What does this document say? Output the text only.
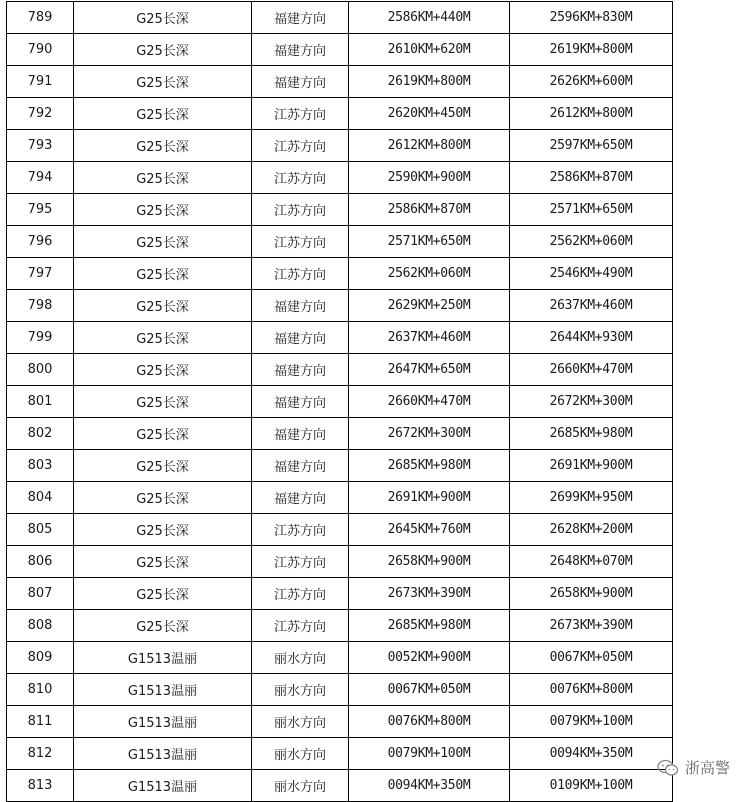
789	G25长深	福建方向	2586KM+440M	2596KM+830M
790	G25长深	福建方向	2610KM+620M	2619KM+800M
791	G25长深	福建方向	2619KM+800M	2626KM+600M
792	G25长深	江苏方向	2620KM+450M	2612KM+800M
793	G25长深	江苏方向	2612KM+800M	2597KM+650M
794	G25长深	江苏方向	2590KM+900M	2586KM+870M
795	G25长深	江苏方向	2586KM+870M	2571KM+650M
796	G25长深	江苏方向	2571KM+650M	2562KM+060M
797	G25长深	江苏方向	2562KM+060M	2546KM+490M
798	G25长深	福建方向	2629KM+250M	2637KM+460M
799	G25长深	福建方向	2637KM+460M	2644KM+930M
800	G25长深	福建方向	2647KM+650M	2660KM+470M
801	G25长深	福建方向	2660KM+470M	2672KM+300M
802	G25长深	福建方向	2672KM+300M	2685KM+980M
803	G25长深	福建方向	2685KM+980M	2691KM+900M
804	G25长深	福建方向	2691KM+900M	2699KM+950M
805	G25长深	江苏方向	2645KM+760M	2628KM+200M
806	G25长深	江苏方向	2658KM+900M	2648KM+070M
807	G25长深	江苏方向	2673KM+390M	2658KM+900M
808	G25长深	江苏方向	2685KM+980M	2673KM+390M
809	G1513温丽	丽水方向	0052KM+900M	0067KM+050M
810	G1513温丽	丽水方向	0067KM+050M	0076KM+800M
811	G1513温丽	丽水方向	0076KM+800M	0079KM+100M
812	G1513温丽	丽水方向	0079KM+100M	0094KM+350M
813	G1513温丽	丽水方向	0094KM+350M	0109KM+100M
浙高警
